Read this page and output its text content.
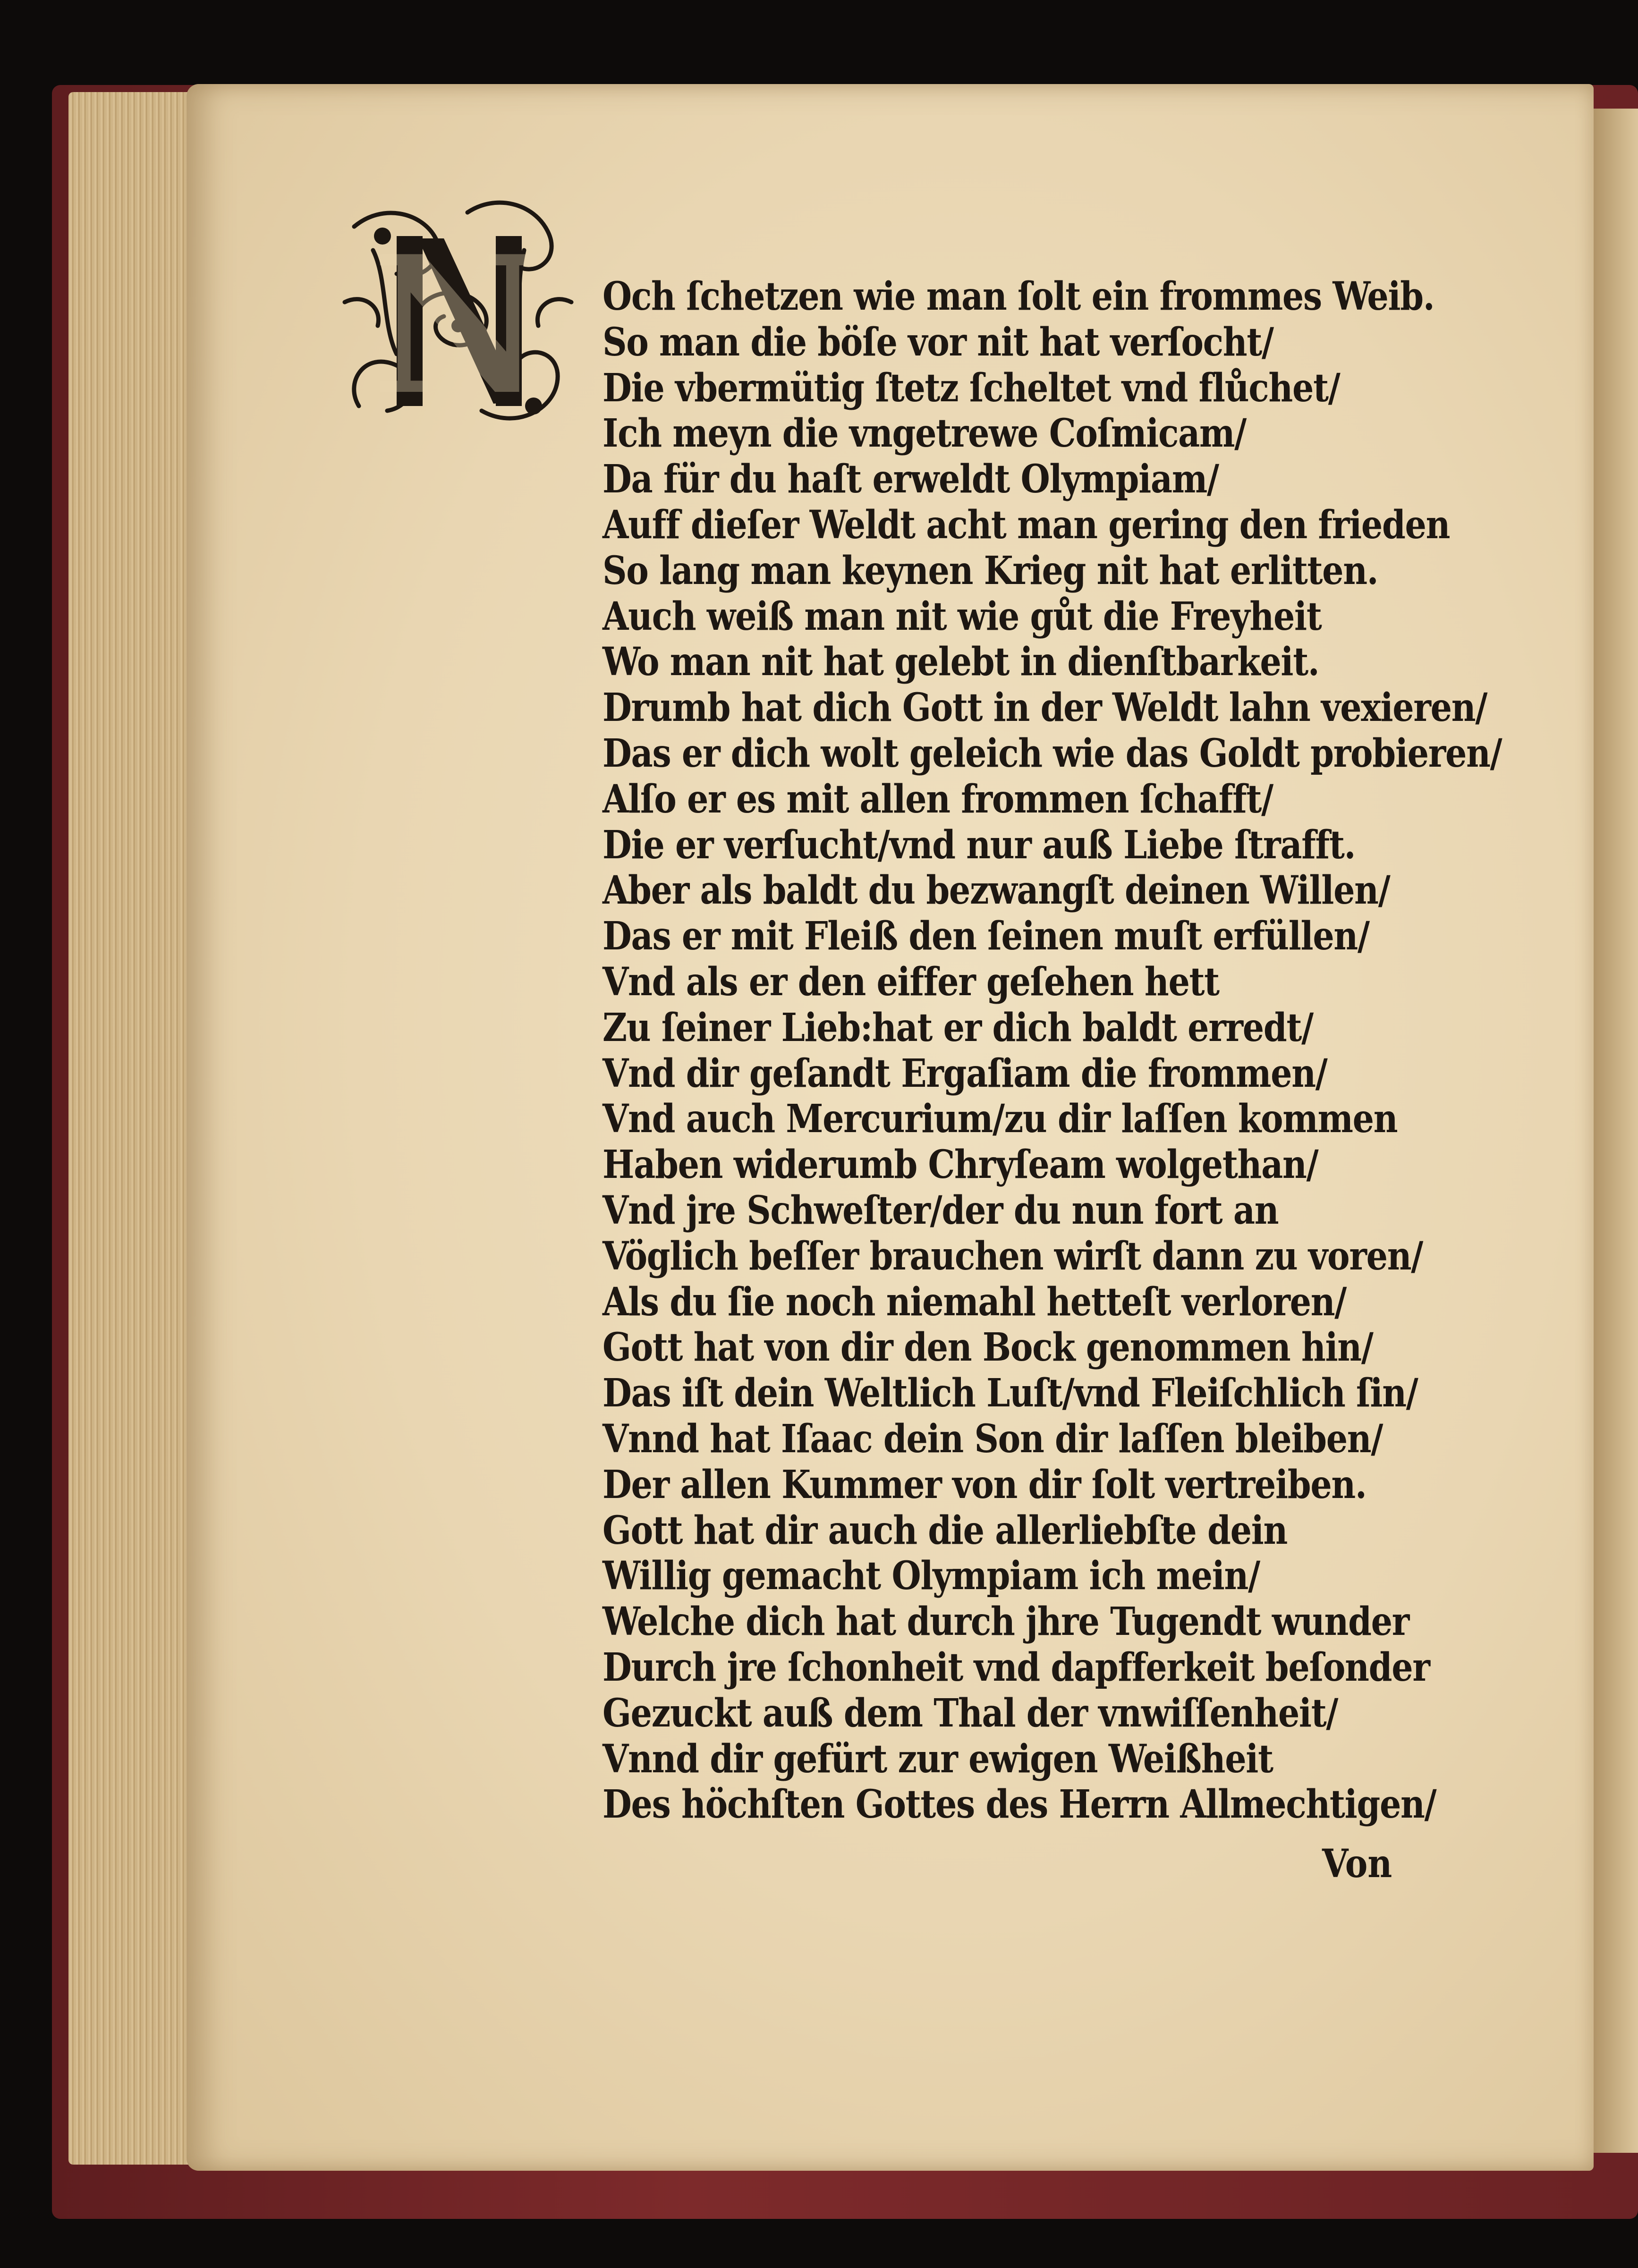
N Och ſchetzen wie man ſolt ein frommes Weib.
So man die böſe vor nit hat verſocht/
Die vbermütig ſtetz ſcheltet vnd flůchet/
Ich meyn die vngetrewe Coſmicam/
Da für du haſt erweldt Olympiam/
Auff dieſer Weldt acht man gering den frieden
So lang man keynen Krieg nit hat erlitten.
Auch weiß man nit wie gůt die Freyheit
Wo man nit hat gelebt in dienſtbarkeit.
Drumb hat dich Gott in der Weldt lahn vexieren/
Das er dich wolt geleich wie das Goldt probieren/
Alſo er es mit allen frommen ſchafft/
Die er verſucht/vnd nur auß Liebe ſtrafft.
Aber als baldt du bezwangſt deinen Willen/
Das er mit Fleiß den ſeinen muſt erfüllen/
Vnd als er den eiffer geſehen hett
Zu ſeiner Lieb:hat er dich baldt erredt/
Vnd dir geſandt Ergaſiam die frommen/
Vnd auch Mercurium/zu dir laſſen kommen
Haben widerumb Chryſeam wolgethan/
Vnd jre Schweſter/der du nun fort an
Vöglich beſſer brauchen wirſt dann zu voren/
Als du ſie noch niemahl hetteſt verloren/
Gott hat von dir den Bock genommen hin/
Das iſt dein Weltlich Luſt/vnd Fleiſchlich ſin/
Vnnd hat Iſaac dein Son dir laſſen bleiben/
Der allen Kummer von dir ſolt vertreiben.
Gott hat dir auch die allerliebſte dein
Willig gemacht Olympiam ich mein/
Welche dich hat durch jhre Tugendt wunder
Durch jre ſchonheit vnd dapfferkeit beſonder
Gezuckt auß dem Thal der vnwiſſenheit/
Vnnd dir gefürt zur ewigen Weißheit
Des höchſten Gottes des Herrn Allmechtigen/
Von
